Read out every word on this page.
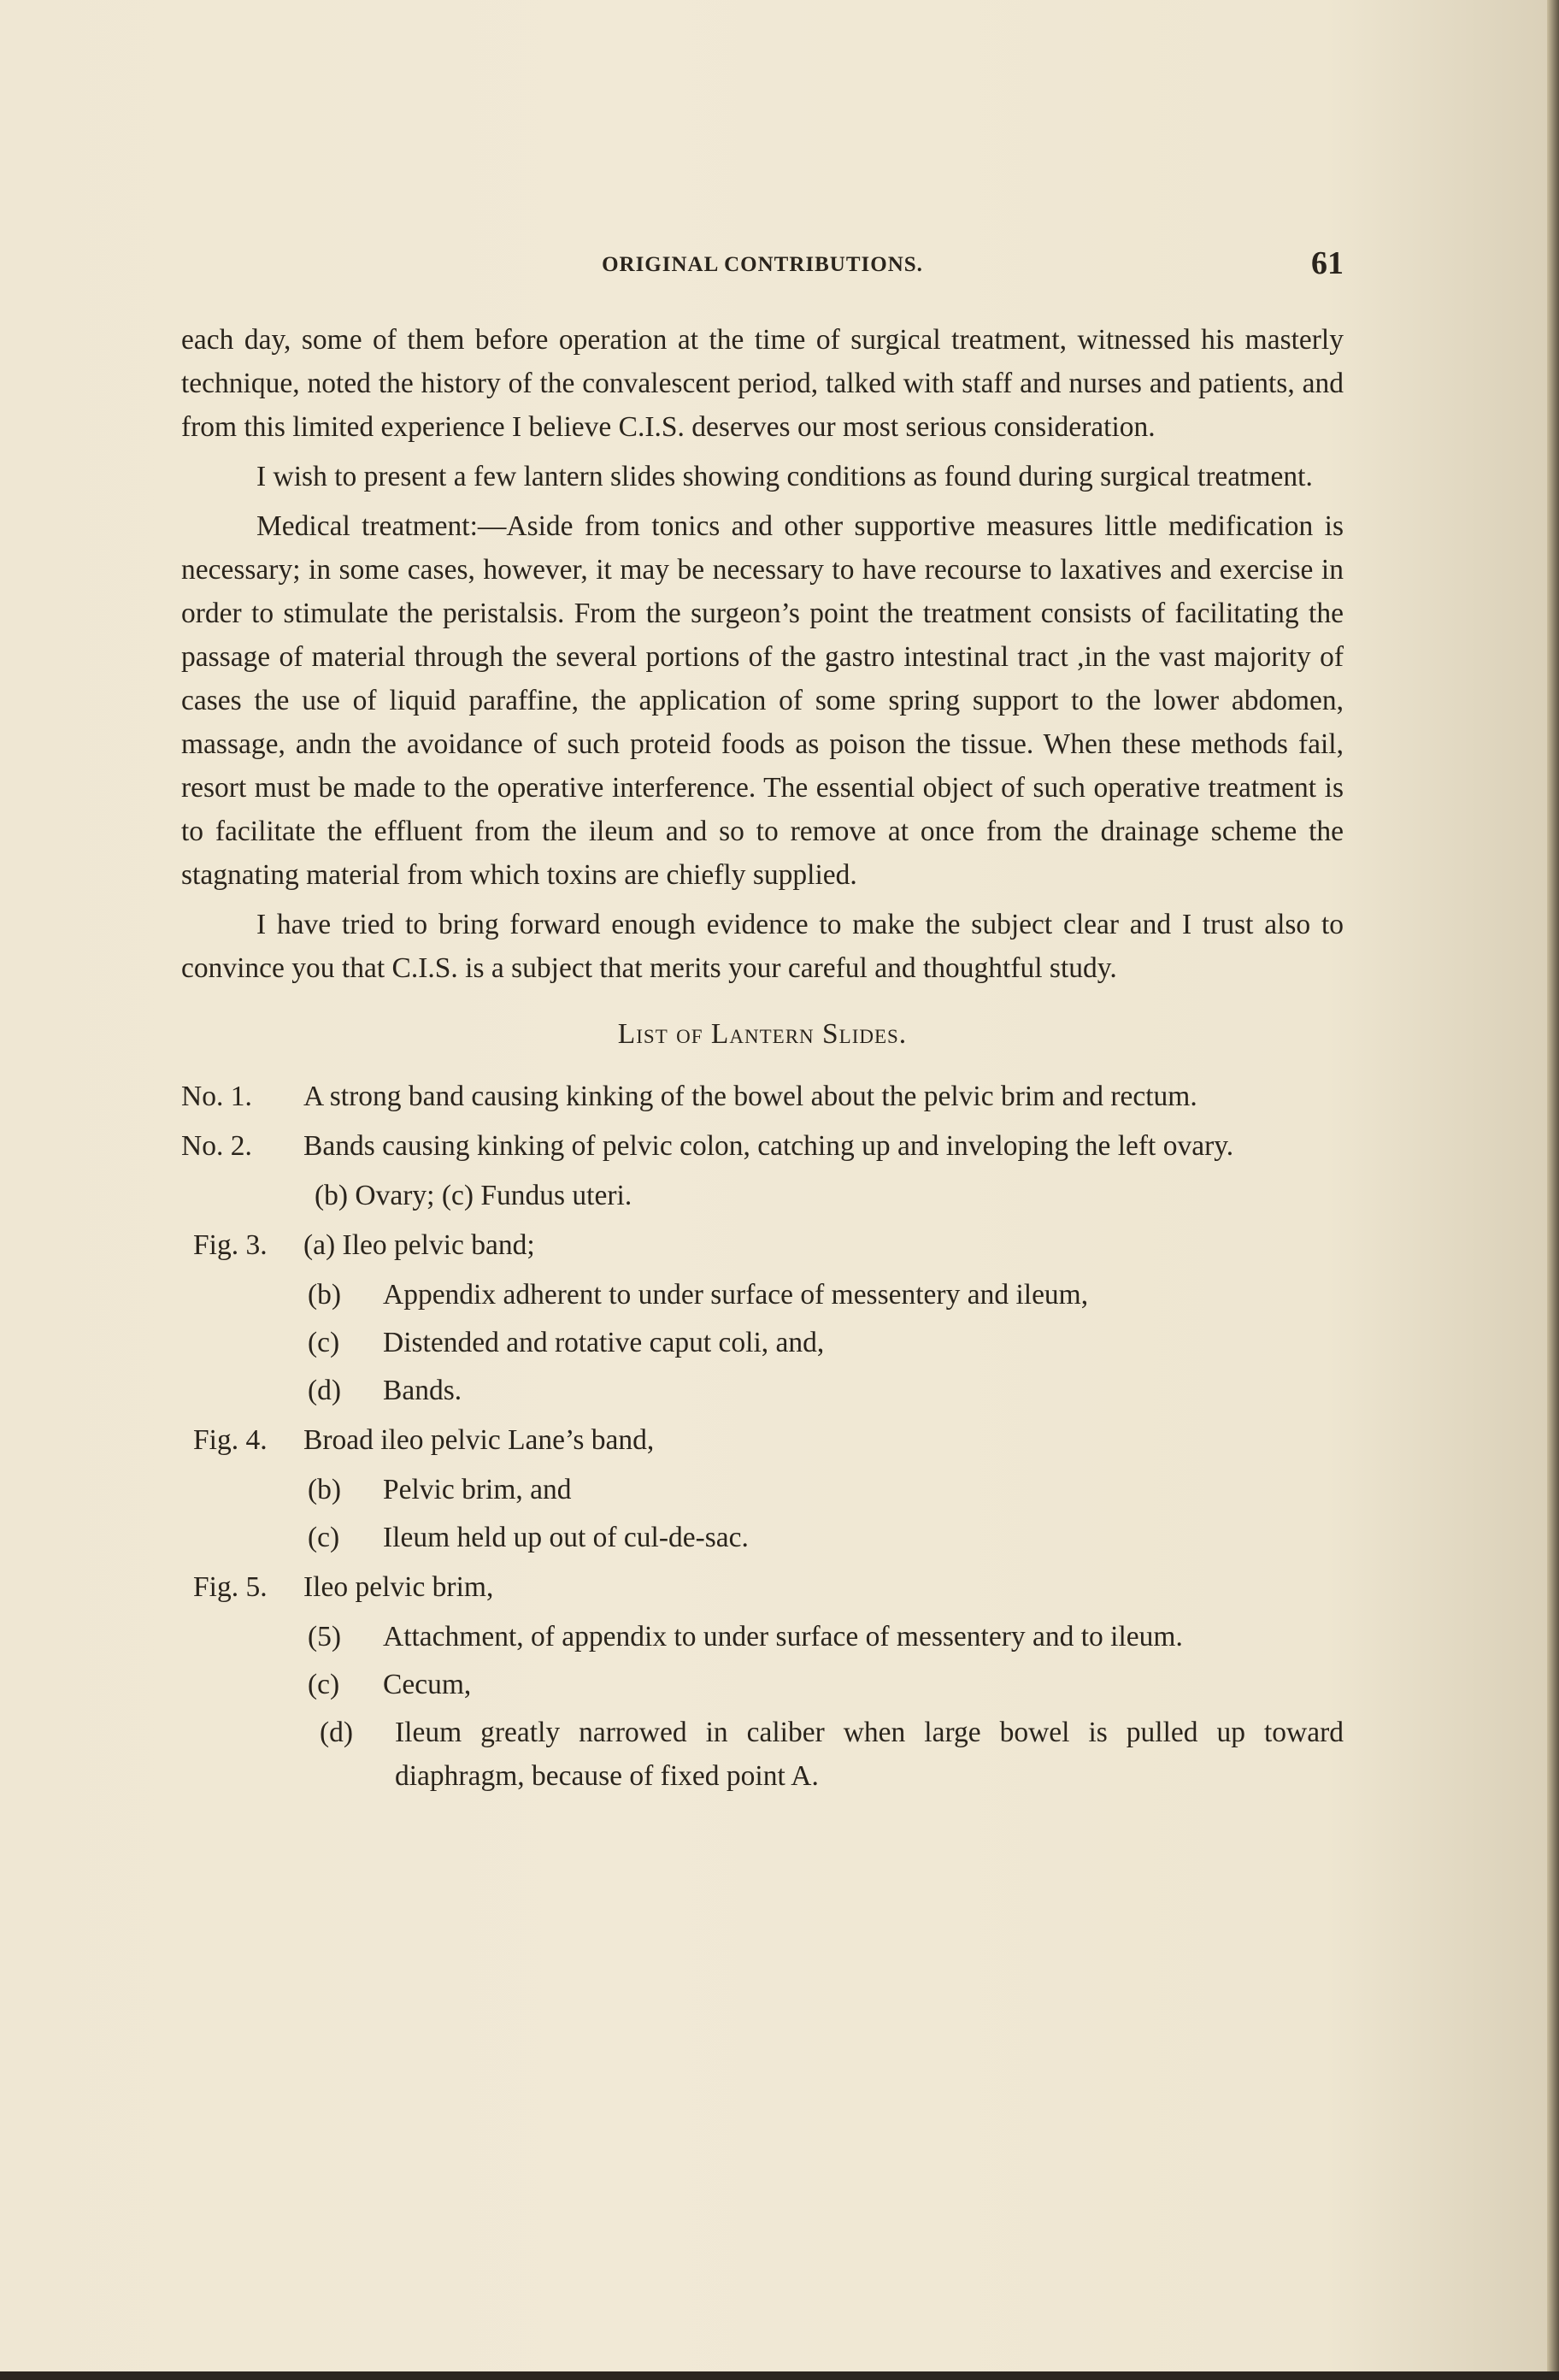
ORIGINAL CONTRIBUTIONS.	61

each day, some of them before operation at the time of surgical treatment, witnessed his masterly technique, noted the history of the convalescent period, talked with staff and nurses and patients, and from this limited experience I believe C.I.S. deserves our most serious consideration.

I wish to present a few lantern slides showing conditions as found during surgical treatment.

Medical treatment:—Aside from tonics and other supportive measures little medification is necessary; in some cases, however, it may be necessary to have recourse to laxatives and exercise in order to stimulate the peristalsis. From the surgeon’s point the treatment consists of facilitating the passage of material through the several portions of the gastro intestinal tract ,in the vast majority of cases the use of liquid paraffine, the application of some spring support to the lower abdomen, massage, andn the avoidance of such proteid foods as poison the tissue. When these methods fail, resort must be made to the operative interference. The essential object of such operative treatment is to facilitate the effluent from the ileum and so to remove at once from the drainage scheme the stagnating material from which toxins are chiefly supplied.

I have tried to bring forward enough evidence to make the subject clear and I trust also to convince you that C.I.S. is a subject that merits your careful and thoughtful study.

List of Lantern Slides.
No. 1. A strong band causing kinking of the bowel about the pelvic brim and rectum.
No. 2. Bands causing kinking of pelvic colon, catching up and inveloping the left ovary.
(b) Ovary; (c) Fundus uteri.
Fig. 3. (a) Ileo pelvic band;
(b) Appendix adherent to under surface of messentery and ileum,
(c) Distended and rotative caput coli, and,
(d) Bands.
Fig. 4. Broad ileo pelvic Lane’s band,
(b) Pelvic brim, and
(c) Ileum held up out of cul-de-sac.
Fig. 5. Ileo pelvic brim,
(5) Attachment, of appendix to under surface of messentery and to ileum.
(c) Cecum,
(d) Ileum greatly narrowed in caliber when large bowel is pulled up toward diaphragm, because of fixed point A.
